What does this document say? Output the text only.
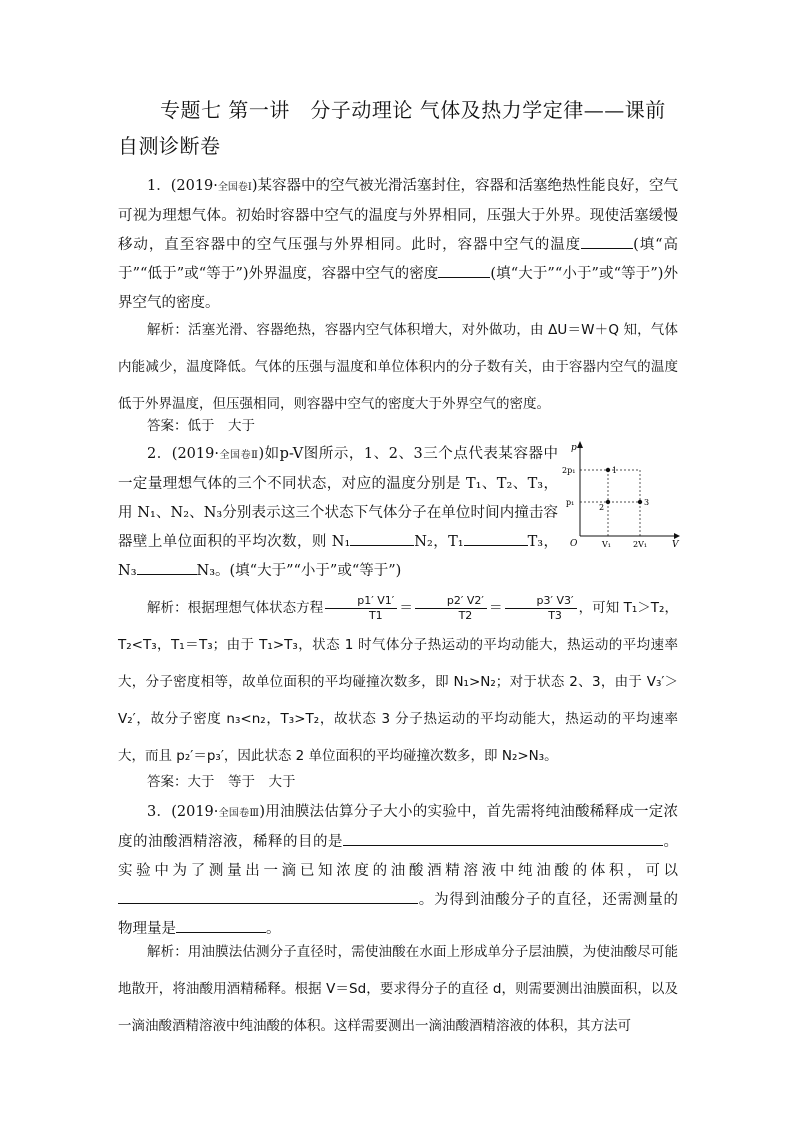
专题七 第一讲　分子动理论 气体及热力学定律——课前
自测诊断卷

1．(2019·全国卷Ⅰ)某容器中的空气被光滑活塞封住，容器和活塞绝热性能良好，空气可视为理想气体。初始时容器中空气的温度与外界相同，压强大于外界。现使活塞缓慢移动，直至容器中的空气压强与外界相同。此时，容器中空气的温度	(填“高于”“低于”或“等于”)外界温度，容器中空气的密度	(填“大于”“小于”或“等于”)外界空气的密度。

解析：活塞光滑、容器绝热，容器内空气体积增大，对外做功，由 ΔU＝W＋Q 知，气体内能减少，温度降低。气体的压强与温度和单位体积内的分子数有关，由于容器内空气的温度低于外界温度，但压强相同，则容器中空气的密度大于外界空气的密度。

答案：低于　大于

2．(2019·全国卷Ⅱ)如p-V图所示，1、2、3三个点代表某容器中一定量理想气体的三个不同状态，对应的温度分别是 T₁、T₂、T₃，用 N₁、N₂、N₃分别表示这三个状态下气体分子在单位时间内撞击容器壁上单位面积的平均次数，则 N₁	N₂，T₁	T₃，N₃	N₃。(填“大于”“小于”或“等于”)

p
V
O
2p₁
p₁
V₁	2V₁
1
2
3

解析：根据理想气体状态方程 $\frac{p1' V1'}{T1} = \frac{p2' V2'}{T2} = \frac{p3' V3'}{T3}$ ，可知 T₁＞T₂，T₂<T₃，T₁＝T₃；由于 T₁>T₃，状态 1 时气体分子热运动的平均动能大，热运动的平均速率大，分子密度相等，故单位面积的平均碰撞次数多，即 N₁>N₂；对于状态 2、3，由于 V₃′＞V₂′，故分子密度 n₃<n₂，T₃>T₂，故状态 3 分子热运动的平均动能大，热运动的平均速率大，而且 p₂′＝p₃′，因此状态 2 单位面积的平均碰撞次数多，即 N₂>N₃。

答案：大于　等于　大于

3．(2019·全国卷Ⅲ)用油膜法估算分子大小的实验中，首先需将纯油酸稀释成一定浓度的油酸酒精溶液，稀释的目的是	。实验中为了测量出一滴已知浓度的油酸酒精溶液中纯油酸的体积，可以。为得到油酸分子的直径，还需测量的物理量是	。

解析：用油膜法估测分子直径时，需使油酸在水面上形成单分子层油膜，为使油酸尽可能地散开，将油酸用酒精稀释。根据 V＝Sd，要求得分子的直径 d，则需要测出油膜面积，以及一滴油酸酒精溶液中纯油酸的体积。这样需要测出一滴油酸酒精溶液的体积，其方法可
